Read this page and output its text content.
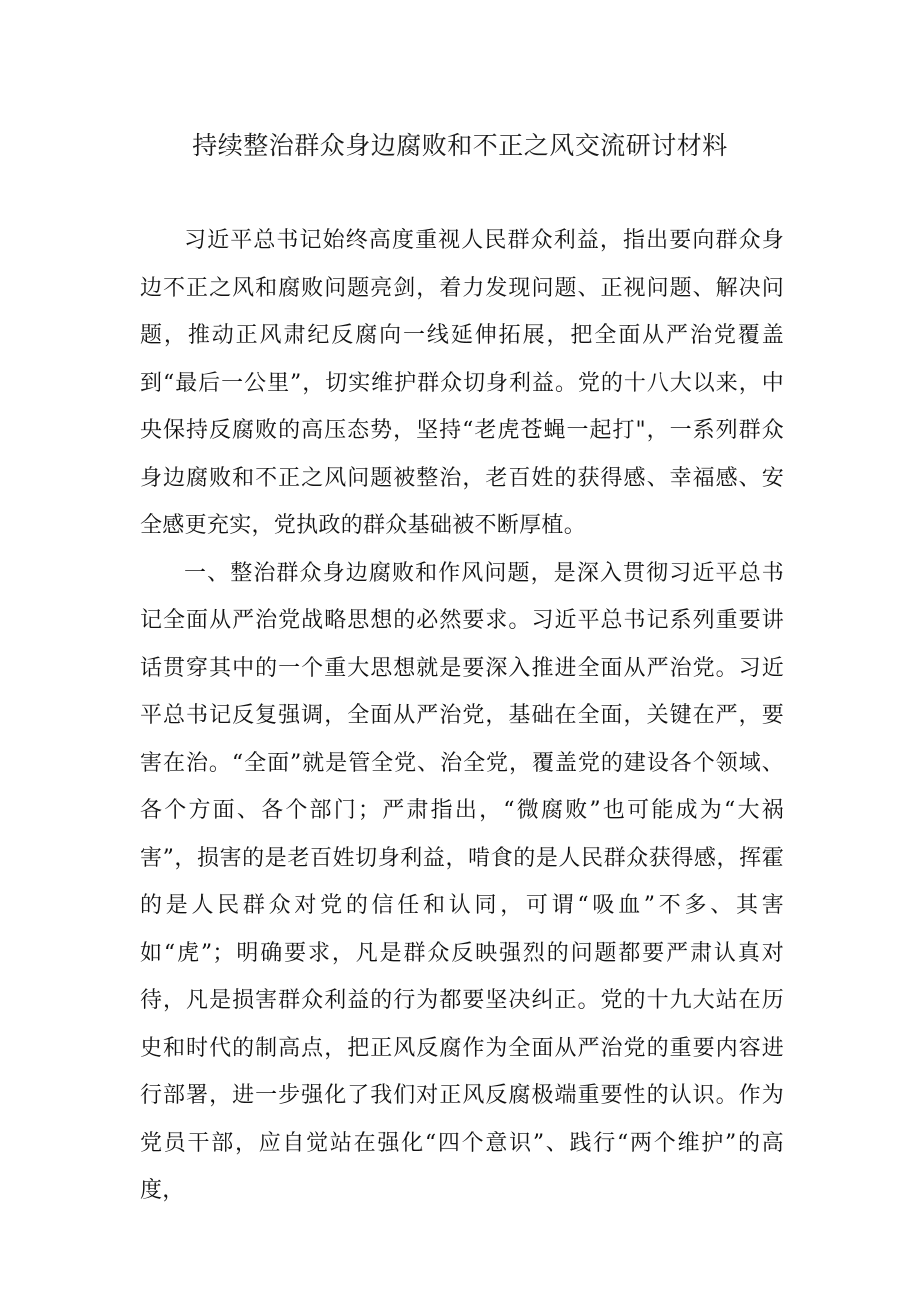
持续整治群众身边腐败和不正之风交流研讨材料

习近平总书记始终高度重视人民群众利益，指出要向群众身边不正之风和腐败问题亮剑，着力发现问题、正视问题、解决问题，推动正风肃纪反腐向一线延伸拓展，把全面从严治党覆盖到“最后一公里”，切实维护群众切身利益。党的十八大以来，中央保持反腐败的高压态势，坚持“老虎苍蝇一起打"，一系列群众身边腐败和不正之风问题被整治，老百姓的获得感、幸福感、安全感更充实，党执政的群众基础被不断厚植。

一、整治群众身边腐败和作风问题，是深入贯彻习近平总书记全面从严治党战略思想的必然要求。习近平总书记系列重要讲话贯穿其中的一个重大思想就是要深入推进全面从严治党。习近平总书记反复强调，全面从严治党，基础在全面，关键在严，要害在治。“全面”就是管全党、治全党，覆盖党的建设各个领域、各个方面、各个部门；严肃指出，“微腐败”也可能成为“大祸害”，损害的是老百姓切身利益，啃食的是人民群众获得感，挥霍的是人民群众对党的信任和认同，可谓“吸血”不多、其害如“虎”；明确要求，凡是群众反映强烈的问题都要严肃认真对待，凡是损害群众利益的行为都要坚决纠正。党的十九大站在历史和时代的制高点，把正风反腐作为全面从严治党的重要内容进行部署，进一步强化了我们对正风反腐极端重要性的认识。作为党员干部，应自觉站在强化“四个意识”、践行“两个维护”的高度，
